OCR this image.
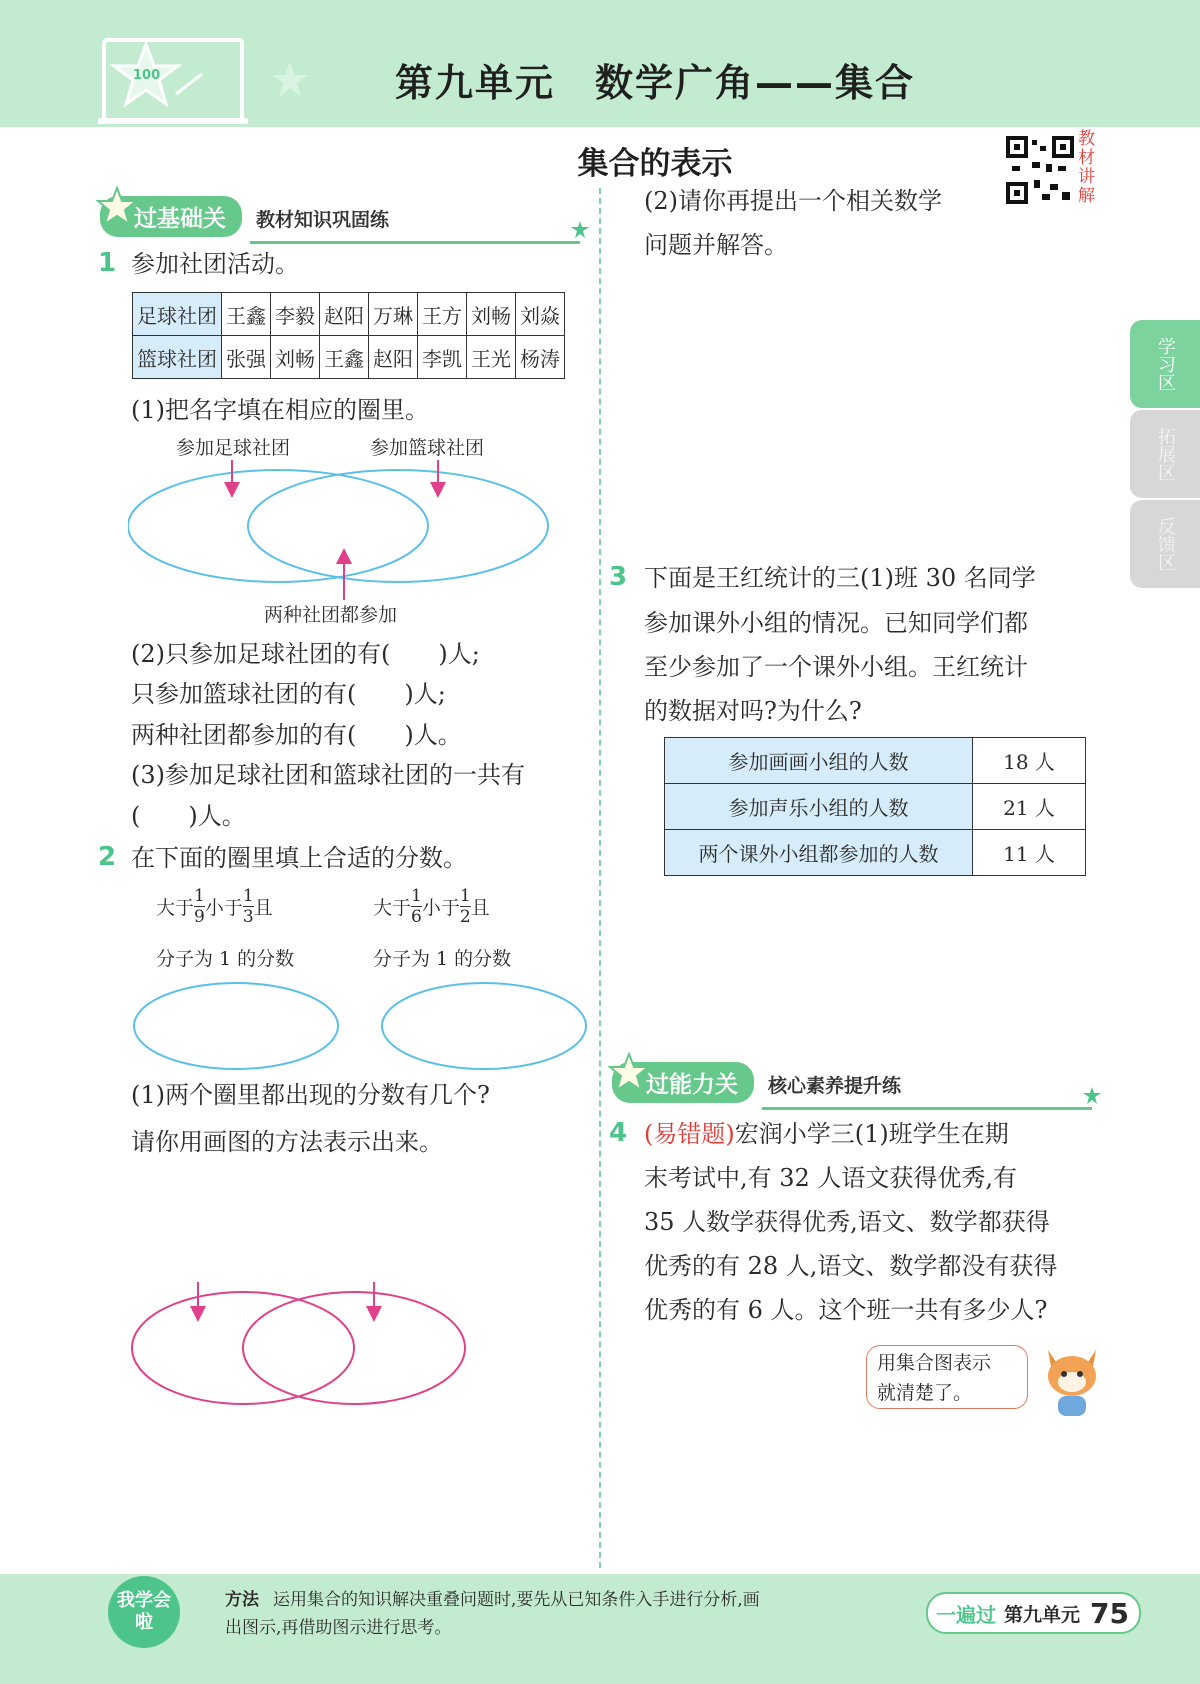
100	第九单元　数学广角——集合
集合的表示
教材讲解
学习区
拓展区
反馈区
过基础关 教材知识巩固练
1 参加社团活动。
足球社团	王鑫	李毅	赵阳	万琳	王方	刘畅	刘焱
篮球社团	张强	刘畅	王鑫	赵阳	李凯	王光	杨涛
(1)把名字填在相应的圈里。
参加足球社团	参加篮球社团
两种社团都参加
(2)只参加足球社团的有(　　)人;
只参加篮球社团的有(　　)人;
两种社团都参加的有(　　)人。
(3)参加足球社团和篮球社团的一共有
(　　)人。
2 在下面的圈里填上合适的分数。
大于 $\frac{1}{9}$ 小于 $\frac{1}{3}$ 且	大于 $\frac{1}{6}$ 小于 $\frac{1}{2}$ 且
分子为 1 的分数	分子为 1 的分数
(1)两个圈里都出现的分数有几个?
请你用画图的方法表示出来。
(2)请你再提出一个相关数学
问题并解答。
3 下面是王红统计的三(1)班 30 名同学
参加课外小组的情况。已知同学们都
至少参加了一个课外小组。王红统计
的数据对吗?为什么?
参加画画小组的人数	18 人
参加声乐小组的人数	21 人
两个课外小组都参加的人数	11 人
过能力关 核心素养提升练
4 (易错题)宏润小学三(1)班学生在期
末考试中,有 32 人语文获得优秀,有
35 人数学获得优秀,语文、数学都获得
优秀的有 28 人,语文、数学都没有获得
优秀的有 6 人。这个班一共有多少人?
用集合图表示
就清楚了。
我学会啦
方法 运用集合的知识解决重叠问题时,要先从已知条件入手进行分析,画
出图示,再借助图示进行思考。
一遍过 第九单元 75
